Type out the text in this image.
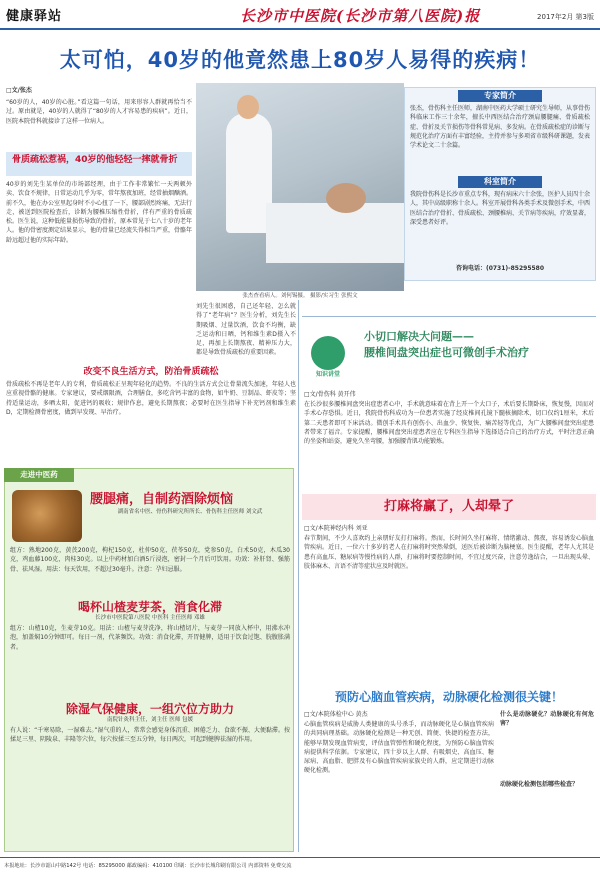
健康驿站	长沙市中医院(长沙市第八医院)报	2017年2月 第3版
太可怕，40岁的他竟然患上80岁人易得的疾病！
□文/张杰
“60岁的人，40岁的心脏。”看这篇一句话，用来形容人群就再恰当不过。原由就是，40岁的人就得了“80岁的人才容易患的疾病”。近日，医院本院骨科就接诊了这样一位病人。
骨质疏松惹祸，40岁的他轻轻一摔就骨折
40岁的刘先生某单位的市场部经理，由于工作非常繁忙一天两顿外卖、饮食不规律，日常运动几乎为零，常年熬夜加班，经常抽烟酗酒。前不久，他在办公室里起身时不小心扭了一下，腰部剧烈疼痛，无法行走，被送到医院检查后，诊断为腰椎压缩性骨折，伴有严重的骨质疏松。医生说，这种低能量损伤导致的骨折，原本常见于七八十岁的老年人。他的骨密度测定结果显示，他的骨量已经流失得相当严重，骨骼年龄远超过他的实际年龄。
张杰查看病人。刘何锡摄。 摄影/实习生 张熙文
刘先生很困惑，自己还年轻，怎么就得了“老年病”？医生分析，刘先生长期吸烟、过量饮酒，饮食不均衡，缺乏运动和日晒，钙和维生素D摄入不足，再加上长期熬夜、精神压力大，都是导致骨质疏松的重要因素。
改变不良生活方式，防治骨质疏松
骨质疏松不再是老年人的专利，骨质疏松正呈现年轻化的趋势。不良的生活方式会让骨量流失加速，年轻人也应重视骨骼的健康。专家建议，要戒烟限酒，合理膳食，多吃含钙丰富的食物，如牛奶、豆制品、虾皮等；坚持适量运动，多晒太阳，促进钙的吸收；规律作息，避免长期熬夜；必要时在医生指导下补充钙剂和维生素D，定期检测骨密度，做到早发现、早治疗。
专家简介
张杰，骨伤科主任医师，湖南中医药大学硕士研究生导师，从事骨伤科临床工作三十余年，擅长中西医结合治疗颈肩腰腿痛、骨质疏松症、骨折及关节损伤等骨科常见病、多发病。在骨质疏松症的诊断与规范化治疗方面有丰富经验，主持并参与多项省市级科研课题，发表学术论文二十余篇。
科室简介
我院骨伤科是长沙市重点专科，现有病床六十余张，医护人员四十余人，其中高级职称十余人。科室开展骨科各类手术及微创手术，中西医结合治疗骨折、骨质疏松、颈腰椎病、关节病等疾病，疗效显著，深受患者好评。
咨询电话：(0731)-85295580
知识讲堂
小切口解决大问题——
腰椎间盘突出症也可微创手术治疗
□文/骨伤科 黄开伟
在长沙很多腰椎间盘突出症患者心中，手术就意味着在背上开一个大口子，术后要长期卧床，恢复慢，因而对手术心存恐惧。近日，我院骨伤科成功为一位患者实施了经皮椎间孔镜下髓核摘除术，切口仅约1厘米，术后第二天患者即可下床活动。微创手术具有创伤小、出血少、恢复快、痛苦轻等优点，为广大腰椎间盘突出症患者带来了福音。专家提醒，腰椎间盘突出症患者应在专科医生指导下选择适合自己的治疗方式，平时注意正确的坐姿和站姿，避免久坐弯腰，加强腰背肌功能锻炼。
打麻将赢了，人却晕了
□文/本院神经内科 刘亚
春节期间，不少人喜欢约上亲朋好友打打麻将。然而，长时间久坐打麻将、情绪激动、熬夜，容易诱发心脑血管疾病。近日，一位六十多岁的老人在打麻将时突然晕倒，送医后被诊断为脑梗塞。医生提醒，老年人尤其是患有高血压、糖尿病等慢性病的人群，打麻将时要控制时间，不宜过度兴奋，注意劳逸结合，一旦出现头晕、肢体麻木、言语不清等症状应及时就医。
预防心脑血管疾病，动脉硬化检测很关键！
□文/本院体检中心 黄杰
心脑血管疾病是威胁人类健康的头号杀手，而动脉硬化是心脑血管疾病的共同病理基础。动脉硬化检测是一种无创、简便、快捷的检查方法，能够早期发现血管病变，评估血管弹性和硬化程度，为预防心脑血管疾病提供科学依据。专家建议，四十岁以上人群、有吸烟史、高血压、糖尿病、高血脂、肥胖及有心脑血管疾病家族史的人群，应定期进行动脉硬化检测。
什么是动脉硬化？动脉硬化有何危害？
动脉硬化检测包括哪些检查？
走进中医药
腰腿痛，自制药酒除烦恼
湖南省名中医、骨伤科研究所所长、骨伤科主任医师 刘文武
组方：熟地200克，黄芪200克，枸杞150克，杜仲50克，茯苓50克，党参50克，白术50克，木瓜30克，鸡血藤100克，肉桂30克。以上中药材加白酒5斤浸泡，密封一个月后可饮用。功效：补肝肾、强筋骨、祛风湿。用法：每天饮用，不超过30毫升。注意：孕妇忌服。
喝杯山楂麦芽茶，消食化滞
长沙市中医院第八医院 中医科 主任医师 邓雄
组方：山楂10克，生麦芽10克。用法：山楂与麦芽洗净，将山楂切片，与麦芽一同放入杯中，用沸水冲泡，加盖焖10分钟即可。每日一剂，代茶频饮。功效：消食化滞，开胃健脾，适用于饮食过饱、脘腹胀满者。
除湿气保健康，一组穴位方助力
南院针灸科主任，刘主任 医师 包媛
有人说：“千寒易除，一湿难去。”湿气重的人，常常会感觉身体沉重、困倦乏力、食欲不振、大便黏滞。按揉足三里、阴陵泉、丰隆等穴位，每穴按揉三至五分钟，每日两次，可起到健脾祛湿的作用。
本报地址：长沙市韶山中路142号 电话：85295000 邮政编码：410100 印刷：长沙市长城印刷有限公司 内部资料 免费交流
